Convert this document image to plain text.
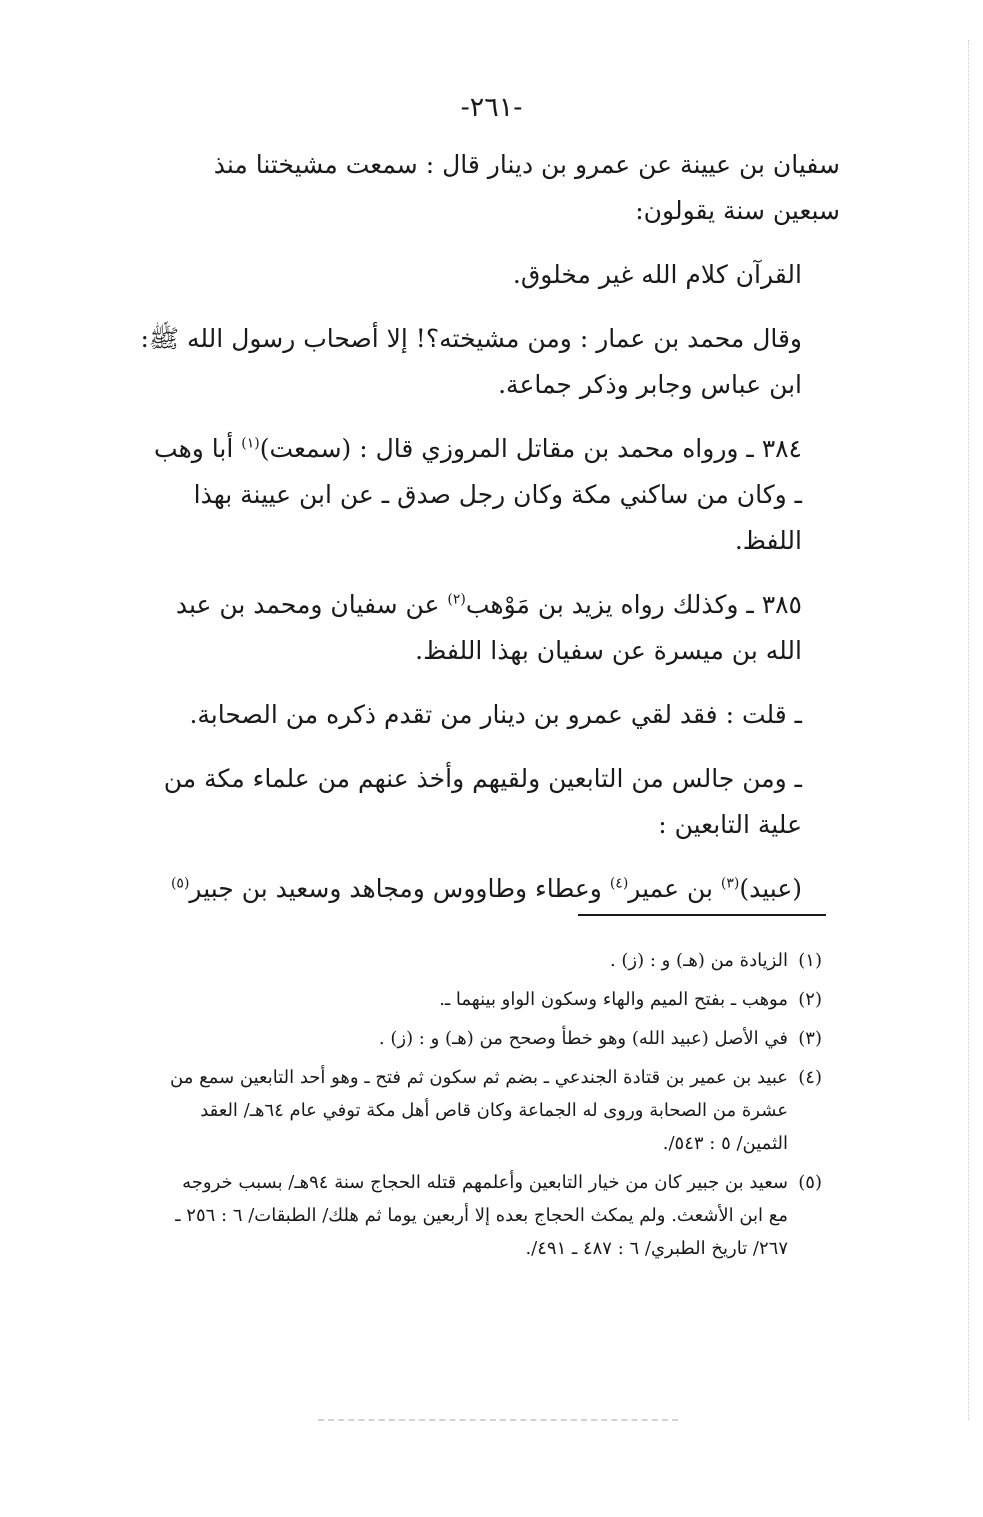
-٢٦١-

سفيان بن عيينة عن عمرو بن دينار قال : سمعت مشيختنا منذ سبعين سنة يقولون:

القرآن كلام الله غير مخلوق.

وقال محمد بن عمار : ومن مشيخته؟! إلا أصحاب رسول الله ﷺ: ابن عباس وجابر وذكر جماعة.

٣٨٤ ـ ورواه محمد بن مقاتل المروزي قال : (سمعت)$^{(١)}$ أبا وهب ـ وكان من ساكني مكة وكان رجل صدق ـ عن ابن عيينة بهذا اللفظ.

٣٨٥ ـ وكذلك رواه يزيد بن مَوْهب$^{(٢)}$ عن سفيان ومحمد بن عبد الله بن ميسرة عن سفيان بهذا اللفظ.

ـ قلت : فقد لقي عمرو بن دينار من تقدم ذكره من الصحابة.

ـ ومن جالس من التابعين ولقيهم وأخذ عنهم من علماء مكة من علية التابعين :

(عبيد)$^{(٣)}$ بن عمير$^{(٤)}$ وعطاء وطاووس ومجاهد وسعيد بن جبير$^{(٥)}$

(١)
الزيادة من (هـ) و : (ز) .
(٢)
موهب ـ بفتح الميم والهاء وسكون الواو بينهما ـ.
(٣)
في الأصل (عبيد الله) وهو خطأ وصحح من (هـ) و : (ز) .
(٤)
عبيد بن عمير بن قتادة الجندعي ـ بضم ثم سكون ثم فتح ـ وهو أحد التابعين سمع من عشرة من الصحابة وروى له الجماعة وكان قاص أهل مكة توفي عام ٦٤هـ/ العقد الثمين/ ٥ : ٥٤٣/.
(٥)
سعيد بن جبير كان من خيار التابعين وأعلمهم قتله الحجاج سنة ٩٤هـ/ بسبب خروجه مع ابن الأشعث. ولم يمكث الحجاج بعده إلا أربعين يوما ثم هلك/ الطبقات/ ٦ : ٢٥٦ ـ ٢٦٧/ تاريخ الطبري/ ٦ : ٤٨٧ ـ ٤٩١/.
